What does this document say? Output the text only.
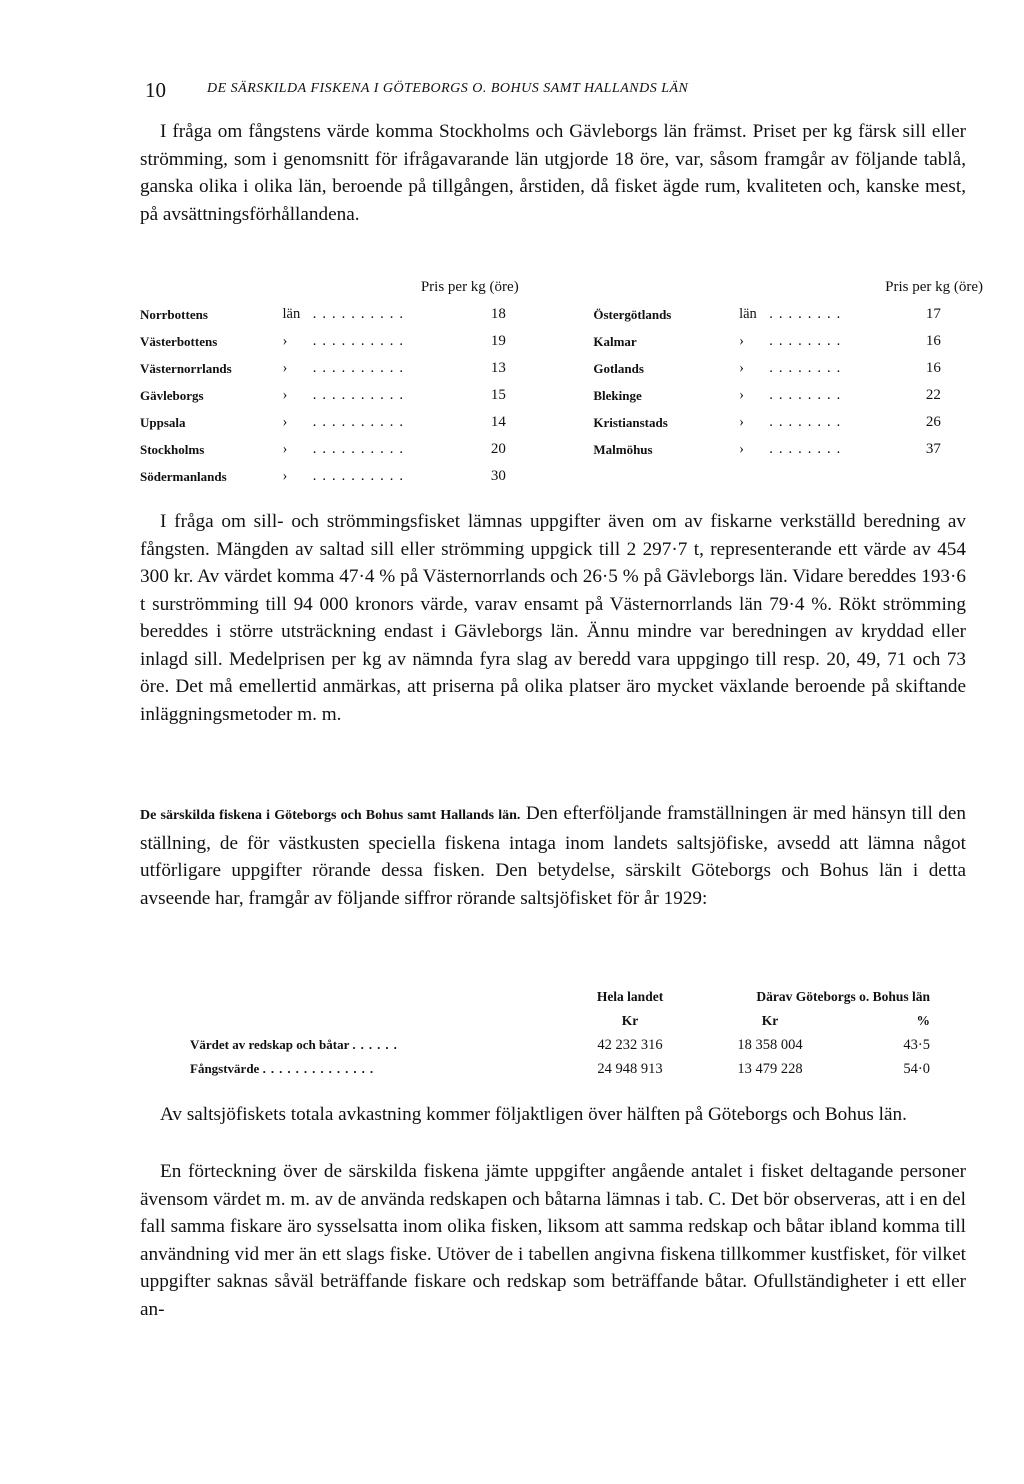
10	DE SÄRSKILDA FISKENA I GÖTEBORGS O. BOHUS SAMT HALLANDS LÄN

I fråga om fångstens värde komma Stockholms och Gävleborgs län främst. Priset per kg färsk sill eller strömming, som i genomsnitt för ifrågavarande län utgjorde 18 öre, var, såsom framgår av följande tablå, ganska olika i olika län, beroende på tillgången, årstiden, då fisket ägde rum, kvaliteten och, kanske mest, på avsättningsförhållandena.

			Pris per kg (öre)				Pris per kg (öre)
Norrbottens	län	..........	18	Östergötlands	län	........	17
Västerbottens	›	..........	19	Kalmar	›	........	16
Västernorrlands	›	..........	13	Gotlands	›	........	16
Gävleborgs	›	..........	15	Blekinge	›	........	22
Uppsala	›	..........	14	Kristianstads	›	........	26
Stockholms	›	..........	20	Malmöhus	›	........	37
Södermanlands	›	..........	30				

I fråga om sill- och strömmingsfisket lämnas uppgifter även om av fiskarne verkställd beredning av fångsten. Mängden av saltad sill eller strömming uppgick till 2 297·7 t, representerande ett värde av 454 300 kr. Av värdet komma 47·4 % på Västernorrlands och 26·5 % på Gävleborgs län. Vidare bereddes 193·6 t surströmming till 94 000 kronors värde, varav ensamt på Västernorrlands län 79·4 %. Rökt strömming bereddes i större utsträckning endast i Gävleborgs län. Ännu mindre var beredningen av kryddad eller inlagd sill. Medelprisen per kg av nämnda fyra slag av beredd vara uppgingo till resp. 20, 49, 71 och 73 öre. Det må emellertid anmärkas, att priserna på olika platser äro mycket växlande beroende på skiftande inläggningsmetoder m. m.

De särskilda fiskena i Göteborgs och Bohus samt Hallands län. Den efterföljande framställningen är med hänsyn till den ställning, de för västkusten speciella fiskena intaga inom landets saltsjöfiske, avsedd att lämna något utförligare uppgifter rörande dessa fisken. Den betydelse, särskilt Göteborgs och Bohus län i detta avseende har, framgår av följande siffror rörande saltsjöfisket för år 1929:

	Hela landet	Därav Göteborgs o. Bohus län	
	Kr	Kr	%
Värdet av redskap och båtar ......	42 232 316	18 358 004	43·5
Fångstvärde ..............	24 948 913	13 479 228	54·0

Av saltsjöfiskets totala avkastning kommer följaktligen över hälften på Göteborgs och Bohus län.

En förteckning över de särskilda fiskena jämte uppgifter angående antalet i fisket deltagande personer ävensom värdet m. m. av de använda redskapen och båtarna lämnas i tab. C. Det bör observeras, att i en del fall samma fiskare äro sysselsatta inom olika fisken, liksom att samma redskap och båtar ibland komma till användning vid mer än ett slags fiske. Utöver de i tabellen angivna fiskena tillkommer kustfisket, för vilket uppgifter saknas såväl beträffande fiskare och redskap som beträffande båtar. Ofullständigheter i ett eller an-
